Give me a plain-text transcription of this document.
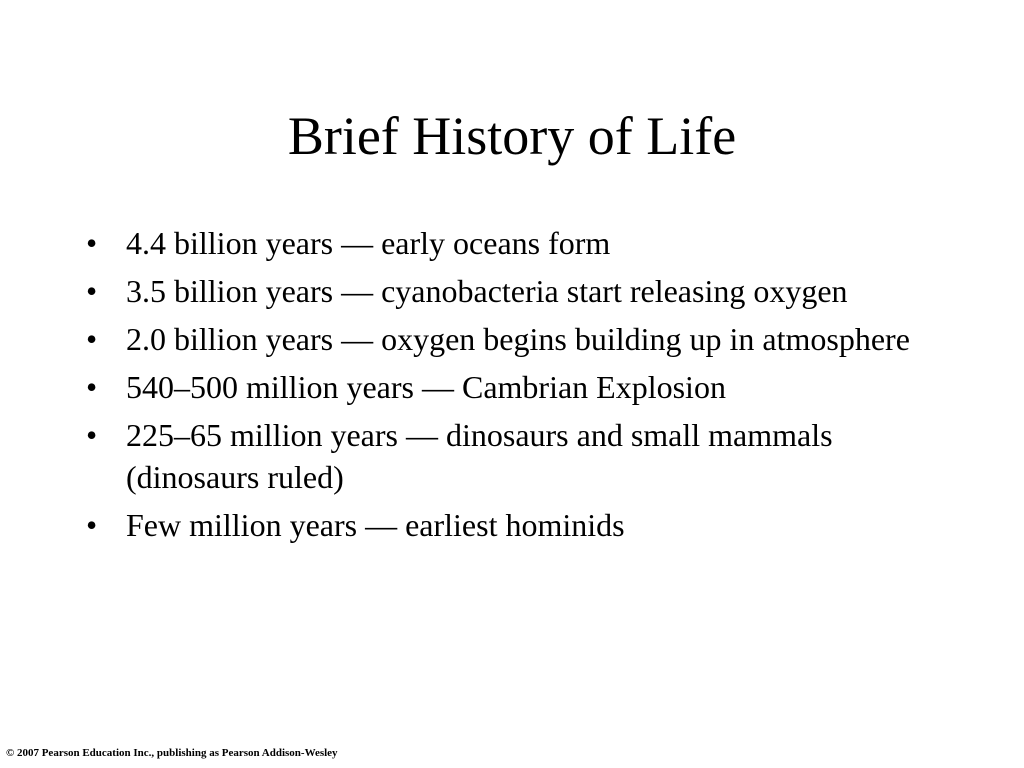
Brief History of Life
• 4.4 billion years — early oceans form
• 3.5 billion years — cyanobacteria start releasing oxygen
• 2.0 billion years — oxygen begins building up in atmosphere
• 540–500 million years — Cambrian Explosion
• 225–65 million years — dinosaurs and small mammals (dinosaurs ruled)
• Few million years — earliest hominids
© 2007 Pearson Education Inc., publishing as Pearson Addison-Wesley
